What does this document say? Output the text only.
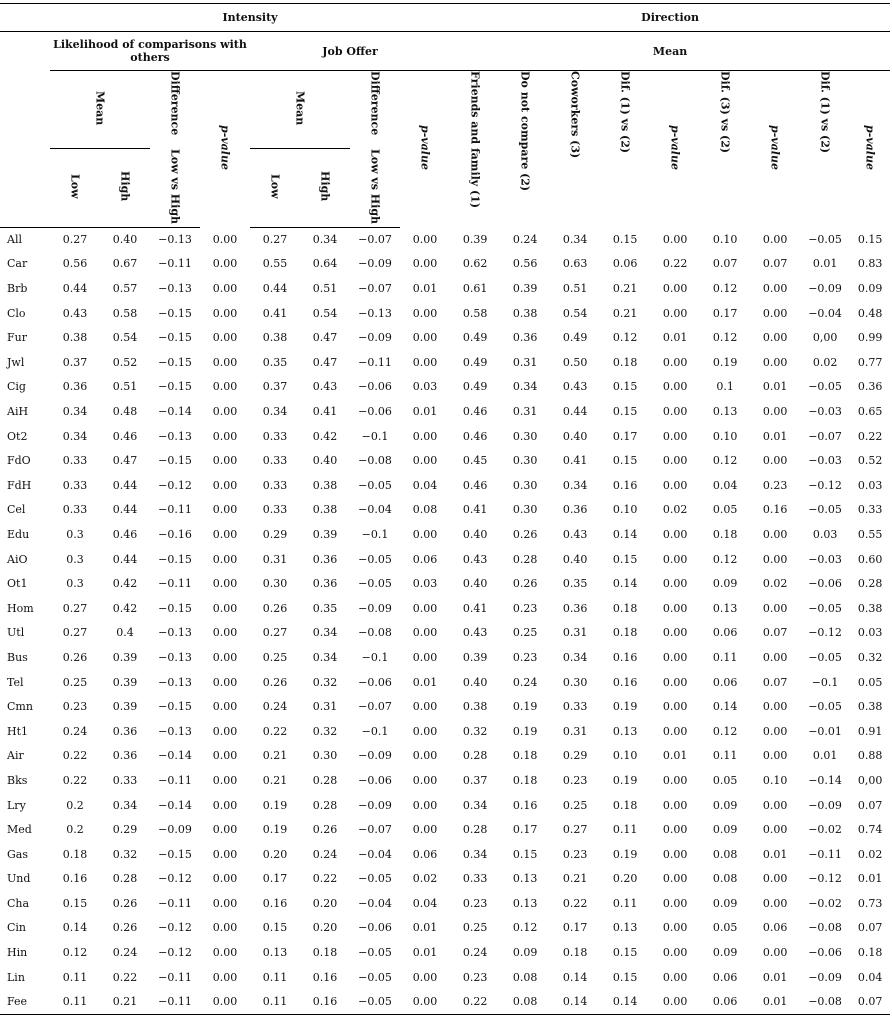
	Intensity								Direction								
	Likelihood of comparisons with others				Job Offer				Mean								
	Mean		Difference	p-value	Mean		Difference	p-value	Friends and family (1)	Do not compare (2)	Coworkers (3)	Dif. (1) vs (2)	p-value	Dif. (3) vs (2)	p-value	Dif. (1) vs (2)	p-value
	Low	High	Low vs High		Low	High	Low vs High										
All	0.27	0.40	−0.13	0.00	0.27	0.34	−0.07	0.00	0.39	0.24	0.34	0.15	0.00	0.10	0.00	−0.05	0.15
Car	0.56	0.67	−0.11	0.00	0.55	0.64	−0.09	0.00	0.62	0.56	0.63	0.06	0.22	0.07	0.07	0.01	0.83
Brb	0.44	0.57	−0.13	0.00	0.44	0.51	−0.07	0.01	0.61	0.39	0.51	0.21	0.00	0.12	0.00	−0.09	0.09
Clo	0.43	0.58	−0.15	0.00	0.41	0.54	−0.13	0.00	0.58	0.38	0.54	0.21	0.00	0.17	0.00	−0.04	0.48
Fur	0.38	0.54	−0.15	0.00	0.38	0.47	−0.09	0.00	0.49	0.36	0.49	0.12	0.01	0.12	0.00	0,00	0.99
Jwl	0.37	0.52	−0.15	0.00	0.35	0.47	−0.11	0.00	0.49	0.31	0.50	0.18	0.00	0.19	0.00	0.02	0.77
Cig	0.36	0.51	−0.15	0.00	0.37	0.43	−0.06	0.03	0.49	0.34	0.43	0.15	0.00	0.1	0.01	−0.05	0.36
AiH	0.34	0.48	−0.14	0.00	0.34	0.41	−0.06	0.01	0.46	0.31	0.44	0.15	0.00	0.13	0.00	−0.03	0.65
Ot2	0.34	0.46	−0.13	0.00	0.33	0.42	−0.1	0.00	0.46	0.30	0.40	0.17	0.00	0.10	0.01	−0.07	0.22
FdO	0.33	0.47	−0.15	0.00	0.33	0.40	−0.08	0.00	0.45	0.30	0.41	0.15	0.00	0.12	0.00	−0.03	0.52
FdH	0.33	0.44	−0.12	0.00	0.33	0.38	−0.05	0.04	0.46	0.30	0.34	0.16	0.00	0.04	0.23	−0.12	0.03
Cel	0.33	0.44	−0.11	0.00	0.33	0.38	−0.04	0.08	0.41	0.30	0.36	0.10	0.02	0.05	0.16	−0.05	0.33
Edu	0.3	0.46	−0.16	0.00	0.29	0.39	−0.1	0.00	0.40	0.26	0.43	0.14	0.00	0.18	0.00	0.03	0.55
AiO	0.3	0.44	−0.15	0.00	0.31	0.36	−0.05	0.06	0.43	0.28	0.40	0.15	0.00	0.12	0.00	−0.03	0.60
Ot1	0.3	0.42	−0.11	0.00	0.30	0.36	−0.05	0.03	0.40	0.26	0.35	0.14	0.00	0.09	0.02	−0.06	0.28
Hom	0.27	0.42	−0.15	0.00	0.26	0.35	−0.09	0.00	0.41	0.23	0.36	0.18	0.00	0.13	0.00	−0.05	0.38
Utl	0.27	0.4	−0.13	0.00	0.27	0.34	−0.08	0.00	0.43	0.25	0.31	0.18	0.00	0.06	0.07	−0.12	0.03
Bus	0.26	0.39	−0.13	0.00	0.25	0.34	−0.1	0.00	0.39	0.23	0.34	0.16	0.00	0.11	0.00	−0.05	0.32
Tel	0.25	0.39	−0.13	0.00	0.26	0.32	−0.06	0.01	0.40	0.24	0.30	0.16	0.00	0.06	0.07	−0.1	0.05
Cmn	0.23	0.39	−0.15	0.00	0.24	0.31	−0.07	0.00	0.38	0.19	0.33	0.19	0.00	0.14	0.00	−0.05	0.38
Ht1	0.24	0.36	−0.13	0.00	0.22	0.32	−0.1	0.00	0.32	0.19	0.31	0.13	0.00	0.12	0.00	−0.01	0.91
Air	0.22	0.36	−0.14	0.00	0.21	0.30	−0.09	0.00	0.28	0.18	0.29	0.10	0.01	0.11	0.00	0.01	0.88
Bks	0.22	0.33	−0.11	0.00	0.21	0.28	−0.06	0.00	0.37	0.18	0.23	0.19	0.00	0.05	0.10	−0.14	0,00
Lry	0.2	0.34	−0.14	0.00	0.19	0.28	−0.09	0.00	0.34	0.16	0.25	0.18	0.00	0.09	0.00	−0.09	0.07
Med	0.2	0.29	−0.09	0.00	0.19	0.26	−0.07	0.00	0.28	0.17	0.27	0.11	0.00	0.09	0.00	−0.02	0.74
Gas	0.18	0.32	−0.15	0.00	0.20	0.24	−0.04	0.06	0.34	0.15	0.23	0.19	0.00	0.08	0.01	−0.11	0.02
Und	0.16	0.28	−0.12	0.00	0.17	0.22	−0.05	0.02	0.33	0.13	0.21	0.20	0.00	0.08	0.00	−0.12	0.01
Cha	0.15	0.26	−0.11	0.00	0.16	0.20	−0.04	0.04	0.23	0.13	0.22	0.11	0.00	0.09	0.00	−0.02	0.73
Cin	0.14	0.26	−0.12	0.00	0.15	0.20	−0.06	0.01	0.25	0.12	0.17	0.13	0.00	0.05	0.06	−0.08	0.07
Hin	0.12	0.24	−0.12	0.00	0.13	0.18	−0.05	0.01	0.24	0.09	0.18	0.15	0.00	0.09	0.00	−0.06	0.18
Lin	0.11	0.22	−0.11	0.00	0.11	0.16	−0.05	0.00	0.23	0.08	0.14	0.15	0.00	0.06	0.01	−0.09	0.04
Fee	0.11	0.21	−0.11	0.00	0.11	0.16	−0.05	0.00	0.22	0.08	0.14	0.14	0.00	0.06	0.01	−0.08	0.07
